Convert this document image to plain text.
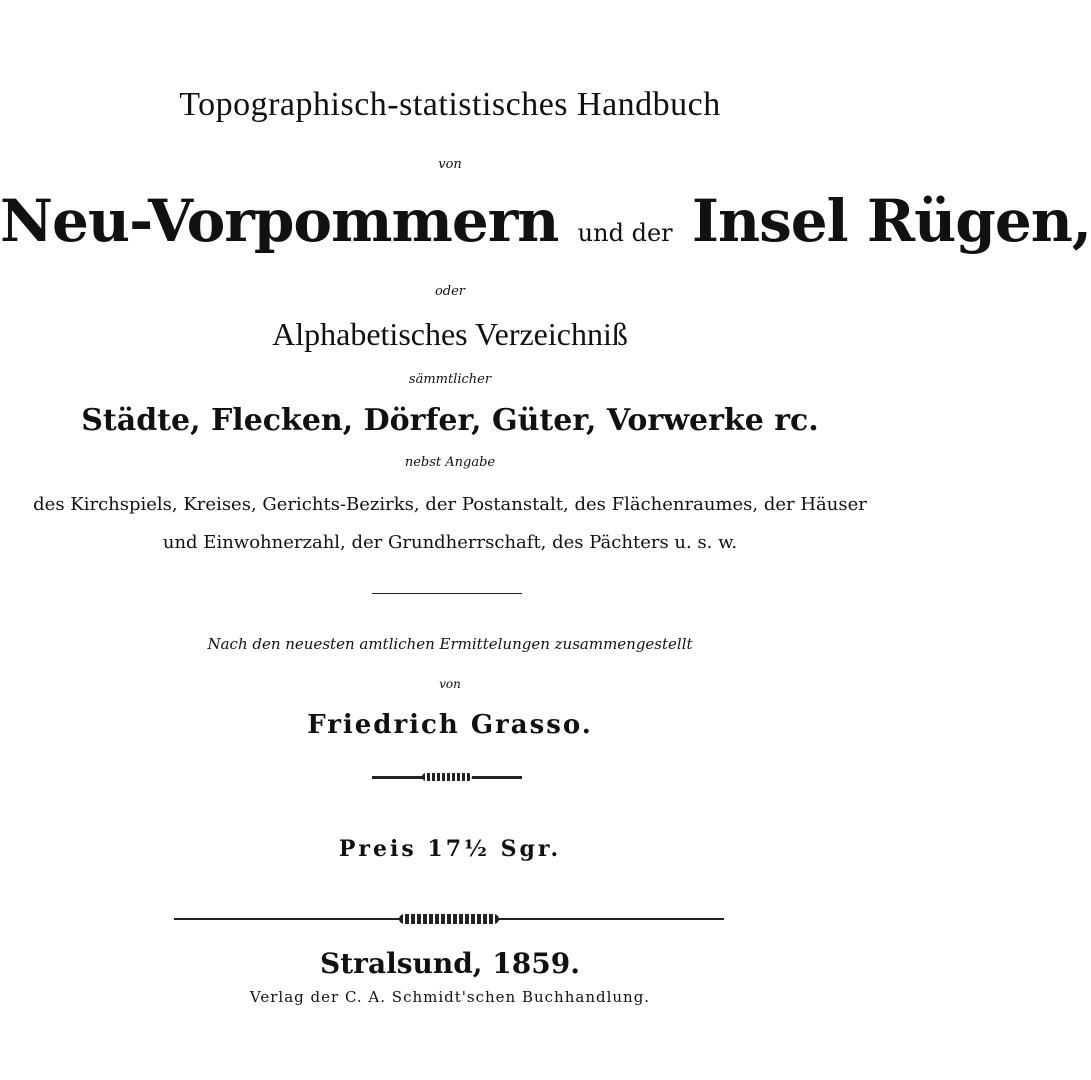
Topographisch-statistisches Handbuch
von
Neu-Vorpommern und der Insel Rügen,
oder
Alphabetisches Verzeichniß
sämmtlicher
Städte, Flecken, Dörfer, Güter, Vorwerke rc.
nebst Angabe
des Kirchspiels, Kreises, Gerichts-Bezirks, der Postanstalt, des Flächenraumes, der Häuser
und Einwohnerzahl, der Grundherrschaft, des Pächters u. s. w.
Nach den neuesten amtlichen Ermittelungen zusammengestellt
von
Friedrich Grasso.
Preis 17½ Sgr.
Stralsund, 1859.
Verlag der C. A. Schmidt'schen Buchhandlung.
